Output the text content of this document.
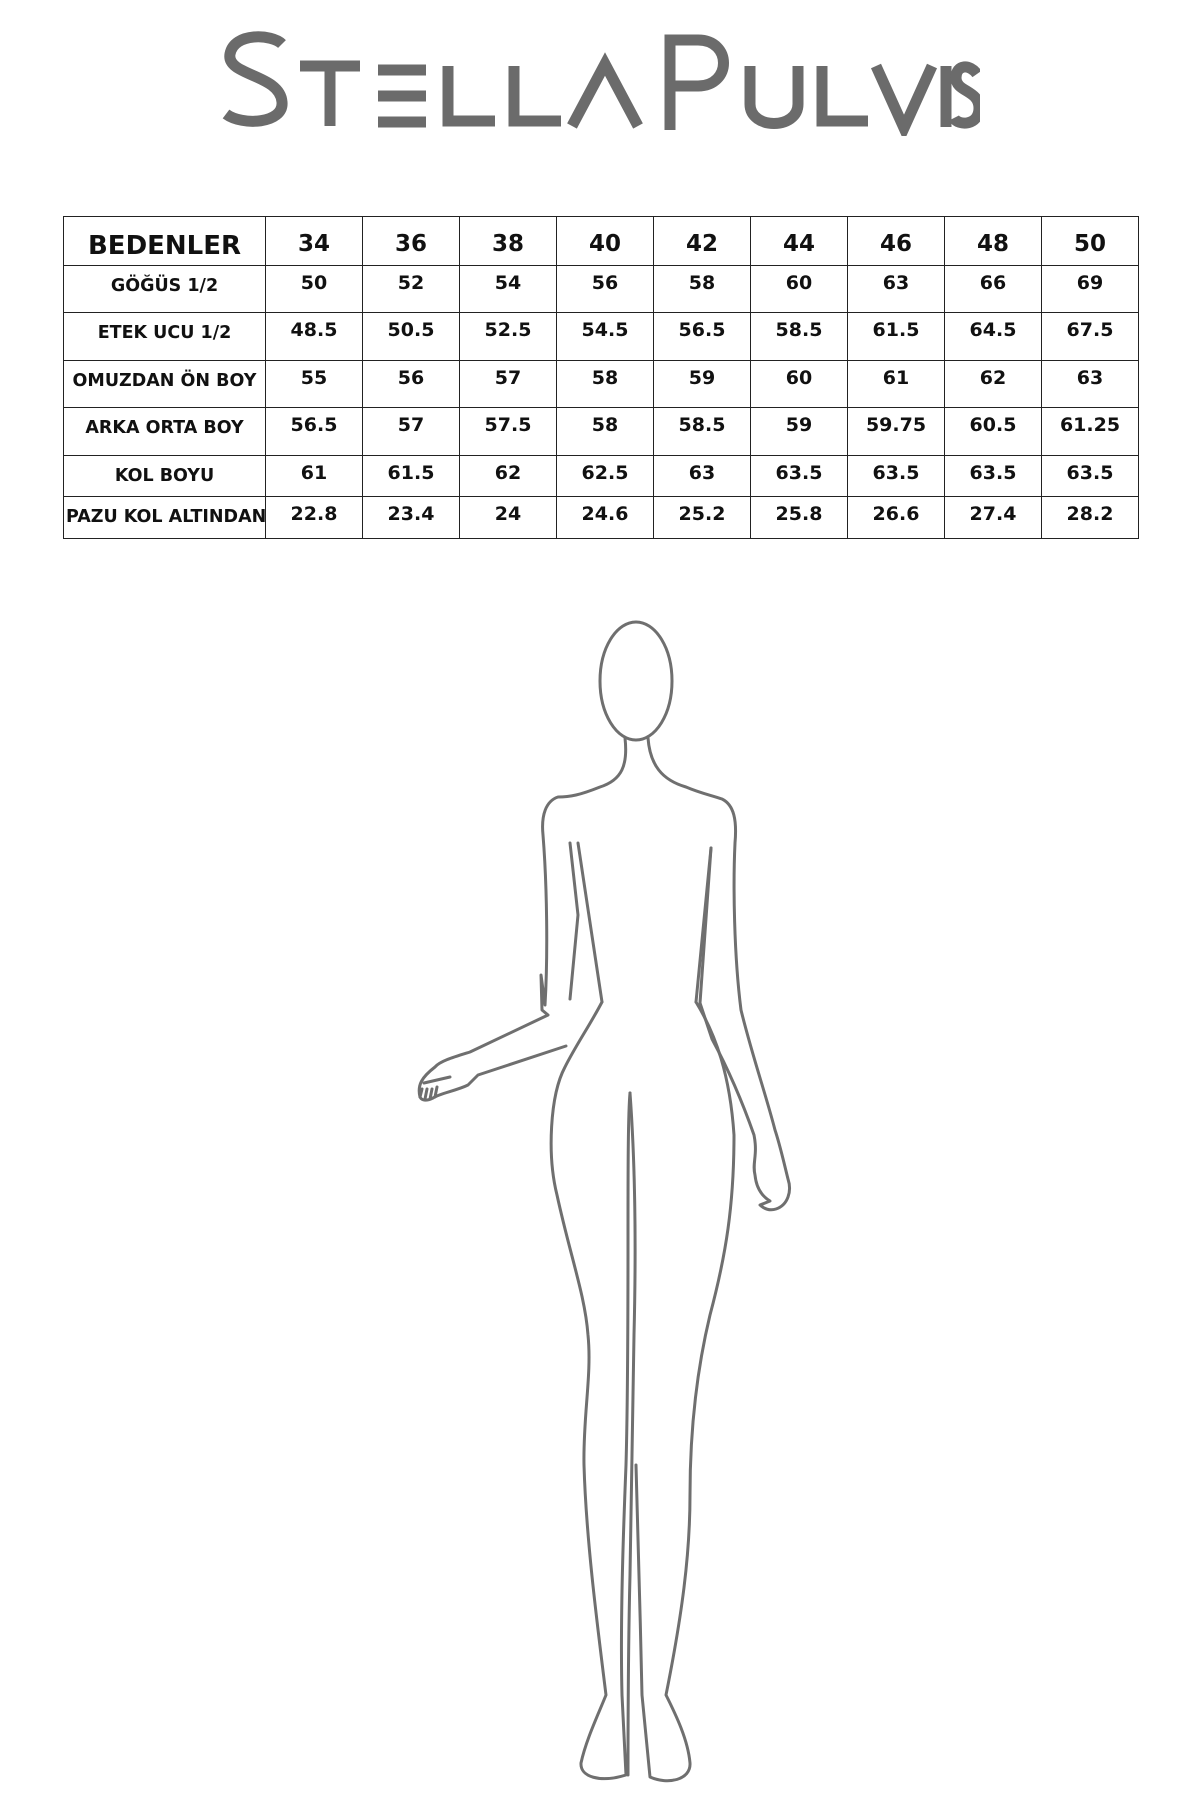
BEDENLER	34	36	38	40	42	44	46	48	50
GÖĞÜS 1/2	50	52	54	56	58	60	63	66	69
ETEK UCU 1/2	48.5	50.5	52.5	54.5	56.5	58.5	61.5	64.5	67.5
OMUZDAN ÖN BOY	55	56	57	58	59	60	61	62	63
ARKA ORTA BOY	56.5	57	57.5	58	58.5	59	59.75	60.5	61.25
KOL BOYU	61	61.5	62	62.5	63	63.5	63.5	63.5	63.5
PAZU KOL ALTINDAN	22.8	23.4	24	24.6	25.2	25.8	26.6	27.4	28.2
